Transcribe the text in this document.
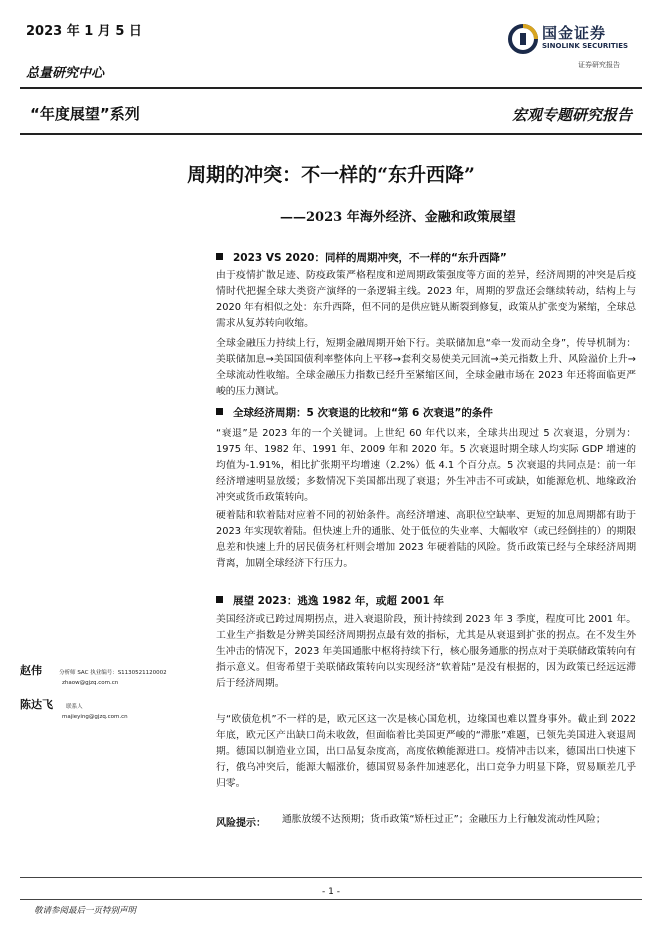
2023 年 1 月 5 日
总量研究中心
“年度展望”系列	宏观专题研究报告
国金证券
SINOLINK SECURITIES
证券研究报告
周期的冲突：不一样的“东升西降”
——2023 年海外经济、金融和政策展望
2023 VS 2020：同样的周期冲突，不一样的“东升西降”

由于疫情扩散足迹、防疫政策严格程度和逆周期政策强度等方面的差异，经济周期的冲突是后疫情时代把握全球大类资产演绎的一条逻辑主线。2023 年，周期的罗盘还会继续转动，结构上与 2020 年有相似之处：东升西降，但不同的是供应链从断裂到修复，政策从扩张变为紧缩，全球总需求从复苏转向收缩。

全球金融压力持续上行，短期金融周期开始下行。美联储加息“牵一发而动全身”，传导机制为：美联储加息→美国国债利率整体向上平移→套利交易使美元回流→美元指数上升、风险溢价上升→全球流动性收缩。全球金融压力指数已经升至紧缩区间，全球金融市场在 2023 年还将面临更严峻的压力测试。

全球经济周期：5 次衰退的比较和“第 6 次衰退”的条件

“衰退”是 2023 年的一个关键词。上世纪 60 年代以来，全球共出现过 5 次衰退，分别为：1975 年、1982 年、1991 年、2009 年和 2020 年。5 次衰退时期全球人均实际 GDP 增速的均值为-1.91%，相比扩张期平均增速（2.2%）低 4.1 个百分点。5 次衰退的共同点是：前一年经济增速明显放缓；多数情况下美国都出现了衰退；外生冲击不可或缺，如能源危机、地缘政治冲突或货币政策转向。

硬着陆和软着陆对应着不同的初始条件。高经济增速、高职位空缺率、更短的加息周期都有助于 2023 年实现软着陆。但快速上升的通胀、处于低位的失业率、大幅收窄（或已经倒挂的）的期限息差和快速上升的居民债务杠杆则会增加 2023 年硬着陆的风险。货币政策已经与全球经济周期背离，加剧全球经济下行压力。

展望 2023：逃逸 1982 年，或超 2001 年

美国经济或已跨过周期拐点，进入衰退阶段，预计持续到 2023 年 3 季度，程度可比 2001 年。工业生产指数是分辨美国经济周期拐点最有效的指标，尤其是从衰退到扩张的拐点。在不发生外生冲击的情况下，2023 年美国通胀中枢将持续下行，核心服务通胀的拐点对于美联储政策转向有指示意义。但寄希望于美联储政策转向以实现经济“软着陆”是没有根据的，因为政策已经远远滞后于经济周期。

与“欧债危机”不一样的是，欧元区这一次是核心国危机，边缘国也难以置身事外。截止到 2022 年底，欧元区产出缺口尚未收敛，但面临着比美国更严峻的“滞胀”难题，已领先美国进入衰退周期。德国以制造业立国，出口品复杂度高，高度依赖能源进口。疫情冲击以来，德国出口快速下行，俄乌冲突后，能源大幅涨价，德国贸易条件加速恶化，出口竞争力明显下降，贸易顺差几乎归零。

赵伟	分析师 SAC 执业编号：S1130521120002
zhaow@gjzq.com.cn
陈达飞 联系人
majieying@gjzq.com.cn
风险提示： 通胀放缓不达预期；货币政策“矫枉过正”；金融压力上行触发流动性风险；

- 1 -
敬请参阅最后一页特别声明
